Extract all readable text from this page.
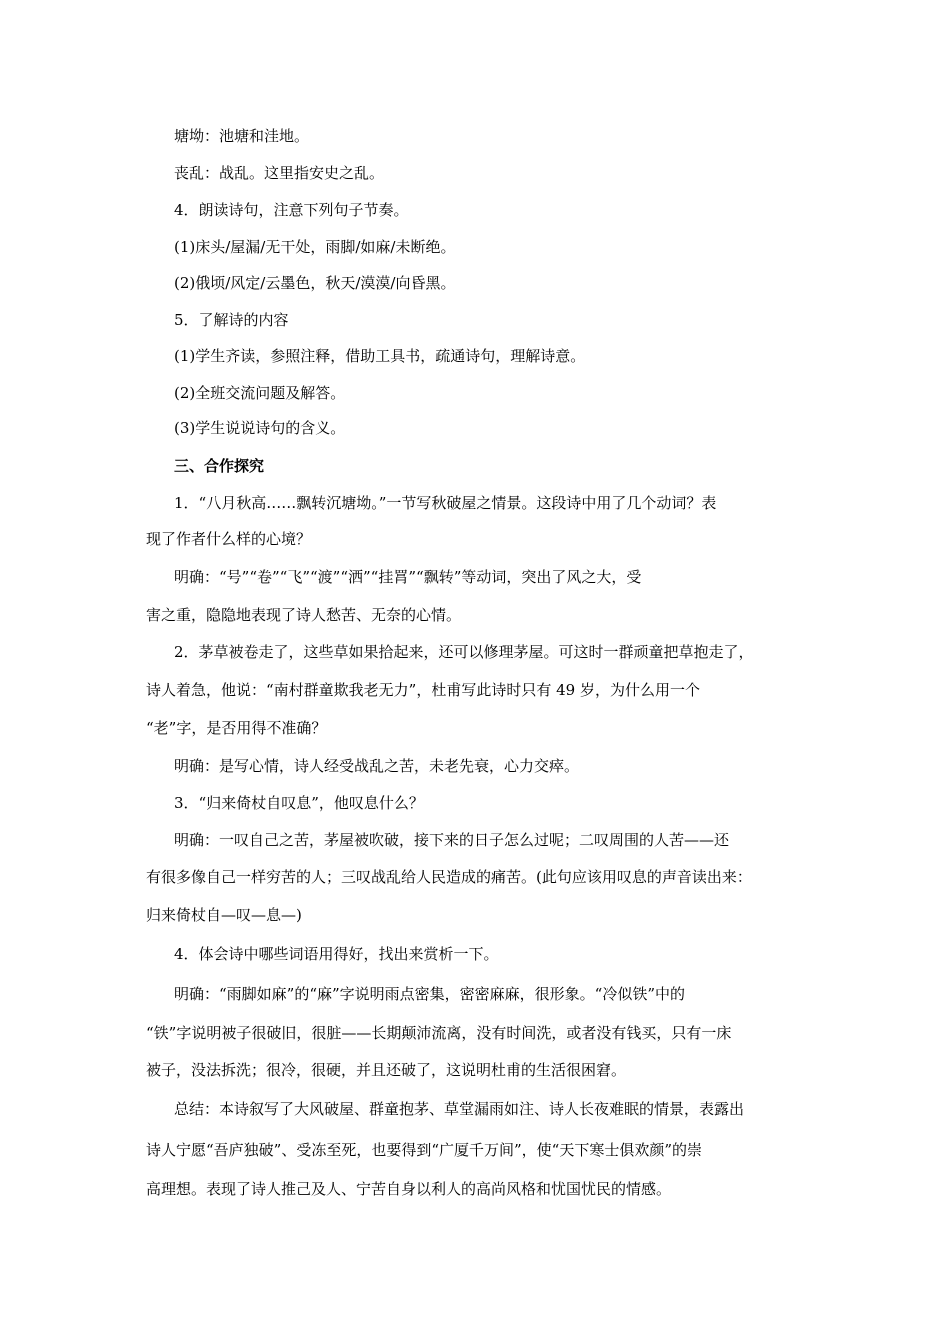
塘坳：池塘和洼地。
丧乱：战乱。这里指安史之乱。
4．朗读诗句，注意下列句子节奏。
(1)床头/屋漏/无干处，雨脚/如麻/未断绝。
(2)俄顷/风定/云墨色，秋天/漠漠/向昏黑。
5．了解诗的内容
(1)学生齐读，参照注释，借助工具书，疏通诗句，理解诗意。
(2)全班交流问题及解答。
(3)学生说说诗句的含义。
三、合作探究
1．“八月秋高……飘转沉塘坳。”一节写秋破屋之情景。这段诗中用了几个动词？表
现了作者什么样的心境？
明确：“号”“卷”“飞”“渡”“洒”“挂罥”“飘转”等动词，突出了风之大，受
害之重，隐隐地表现了诗人愁苦、无奈的心情。
2．茅草被卷走了，这些草如果拾起来，还可以修理茅屋。可这时一群顽童把草抱走了，
诗人着急，他说：“南村群童欺我老无力”，杜甫写此诗时只有 49 岁，为什么用一个
“老”字，是否用得不准确？
明确：是写心情，诗人经受战乱之苦，未老先衰，心力交瘁。
3．“归来倚杖自叹息”，他叹息什么？
明确：一叹自己之苦，茅屋被吹破，接下来的日子怎么过呢；二叹周围的人苦——还
有很多像自己一样穷苦的人；三叹战乱给人民造成的痛苦。(此句应该用叹息的声音读出来：
归来倚杖自—叹—息—)
4．体会诗中哪些词语用得好，找出来赏析一下。
明确：“雨脚如麻”的“麻”字说明雨点密集，密密麻麻，很形象。“冷似铁”中的
“铁”字说明被子很破旧，很脏——长期颠沛流离，没有时间洗，或者没有钱买，只有一床
被子，没法拆洗；很冷，很硬，并且还破了，这说明杜甫的生活很困窘。
总结：本诗叙写了大风破屋、群童抱茅、草堂漏雨如注、诗人长夜难眠的情景，表露出
诗人宁愿“吾庐独破”、受冻至死，也要得到“广厦千万间”，使“天下寒士俱欢颜”的崇
高理想。表现了诗人推己及人、宁苦自身以利人的高尚风格和忧国忧民的情感。
